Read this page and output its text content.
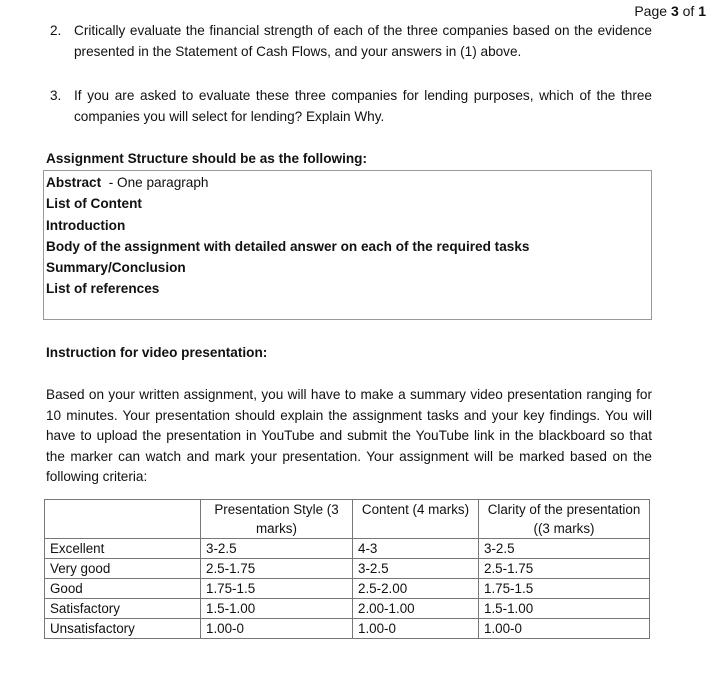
Page 3 of 1
2. Critically evaluate the financial strength of each of the three companies based on the evidence presented in the Statement of Cash Flows, and your answers in (1) above.
3. If you are asked to evaluate these three companies for lending purposes, which of the three companies you will select for lending? Explain Why.
Assignment Structure should be as the following:
Abstract  - One paragraph
List of Content
Introduction
Body of the assignment with detailed answer on each of the required tasks
Summary/Conclusion
List of references
Instruction for video presentation:
Based on your written assignment, you will have to make a summary video presentation ranging for 10 minutes. Your presentation should explain the assignment tasks and your key findings. You will have to upload the presentation in YouTube and submit the YouTube link in the blackboard so that the marker can watch and mark your presentation. Your assignment will be marked based on the following criteria:
	Presentation Style (3 marks)	Content (4 marks)	Clarity of the presentation ((3 marks)
Excellent	3-2.5	4-3	3-2.5
Very good	2.5-1.75	3-2.5	2.5-1.75
Good	1.75-1.5	2.5-2.00	1.75-1.5
Satisfactory	1.5-1.00	2.00-1.00	1.5-1.00
Unsatisfactory	1.00-0	1.00-0	1.00-0
